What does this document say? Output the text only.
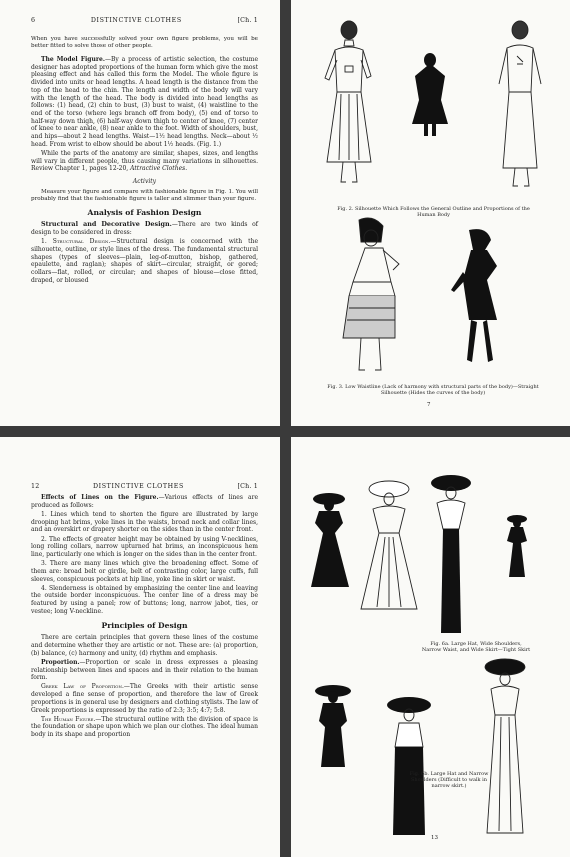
6	DISTINCTIVE CLOTHES	[Ch. 1

When you have successfully solved your own figure problems, you will be better fitted to solve those of other people.

The Model Figure.—By a process of artistic selection, the costume designer has adopted proportions of the human form which give the most pleasing effect and has called this form the Model. The whole figure is divided into units or head lengths. A head length is the distance from the top of the head to the chin. The length and width of the body will vary with the length of the head. The body is divided into head lengths as follows: (1) head, (2) chin to bust, (3) bust to waist, (4) waistline to the end of the torso (where legs branch off from body), (5) end of torso to half-way down thigh, (6) half-way down thigh to center of knee, (7) center of knee to near ankle, (8) near ankle to the foot. Width of shoulders, bust, and hips—about 2 head lengths. Waist—1½ head lengths. Neck—about ½ head. From wrist to elbow should be about 1½ heads. (Fig. 1.)

While the parts of the anatomy are similar, shapes, sizes, and lengths will vary in different people, thus causing many variations in silhouettes. Review Chapter 1, pages 12-20, Attractive Clothes.

Activity

Measure your figure and compare with fashionable figure in Fig. 1. You will probably find that the fashionable figure is taller and slimmer than your figure.

Analysis of Fashion Design

Structural and Decorative Design.—There are two kinds of design to be considered in dress:

1. Structural Design.—Structural design is concerned with the silhouette, outline, or style lines of the dress. The fundamental structural shapes (types of sleeves—plain, leg-of-mutton, bishop, gathered, epaulette, and raglan); shapes of skirt—circular, straight, or gored; collars—flat, rolled, or circular; and shapes of blouse—close fitted, draped, or bloused

Fig. 2. Silhouette Which Follows the General Outline and Proportions of the Human Body
Fig. 3. Low Waistline (Lack of harmony with structural parts of the body)—Straight Silhouette (Hides the curves of the body)
7
12	DISTINCTIVE CLOTHES	[Ch. 1

Effects of Lines on the Figure.—Various effects of lines are produced as follows:

1. Lines which tend to shorten the figure are illustrated by large drooping hat brims, yoke lines in the waists, broad neck and collar lines, and an overskirt or drapery shorter on the sides than in the center front.

2. The effects of greater height may be obtained by using V-necklines, long rolling collars, narrow upturned hat brims, an inconspicuous hem line, particularly one which is longer on the sides than in the center front.

3. There are many lines which give the broadening effect. Some of them are: broad belt or girdle, belt of contrasting color, large cuffs, full sleeves, conspicuous pockets at hip line, yoke line in skirt or waist.

4. Slenderness is obtained by emphasizing the center line and leaving the outside border inconspicuous. The center line of a dress may be featured by using a panel; row of buttons; long, narrow jabot, ties, or vestee; long V-neckline.

Principles of Design

There are certain principles that govern these lines of the costume and determine whether they are artistic or not. These are: (a) proportion, (b) balance, (c) harmony and unity, (d) rhythm and emphasis.

Proportion.—Proportion or scale in dress expresses a pleasing relationship between lines and spaces and in their relation to the human form.

Greek Law of Proportion.—The Greeks with their artistic sense developed a fine sense of proportion, and therefore the law of Greek proportions is in general use by designers and clothing stylists. The law of Greek proportions is expressed by the ratio of 2:3; 3:5; 4:7; 5:8.

The Human Figure.—The structural outline with the division of space is the foundation or shape upon which we plan our clothes. The ideal human body in its shape and proportion

Fig. 6a. Large Hat, Wide Shoulders, Narrow Waist, and Wide Skirt—Tight Skirt
Fig. 6b. Large Hat and Narrow Shoulders (Difficult to walk in narrow skirt.)
13
